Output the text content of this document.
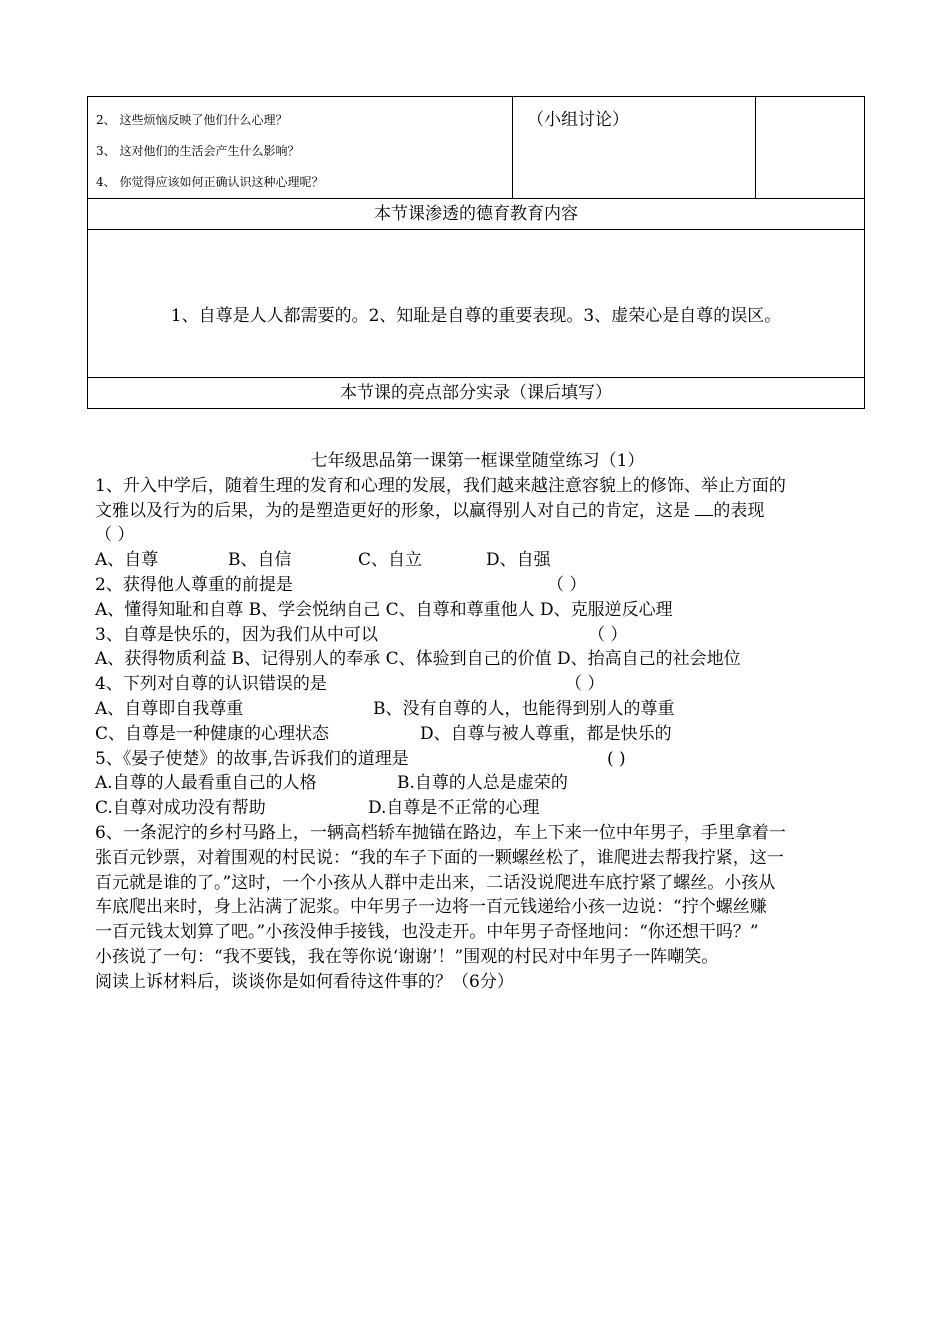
2、 这些烦恼反映了他们什么心理？
3、 这对他们的生活会产生什么影响？
4、 你觉得应该如何正确认识这种心理呢？
	（小组讨论）	
本节课渗透的德育教育内容
1、自尊是人人都需要的。2、知耻是自尊的重要表现。3、虚荣心是自尊的误区。
本节课的亮点部分实录（课后填写）
七年级思品第一课第一框课堂随堂练习（1）
1、升入中学后，随着生理的发育和心理的发展，我们越来越注意容貌上的修饰、举止方面的
文雅以及行为的后果，为的是塑造更好的形象，以赢得别人对自己的肯定，这是 的表现
（ ）
A、自尊	B、自信	C、自立	D、自强
2、获得他人尊重的前提是	（ ）
A、懂得知耻和自尊 B、学会悦纳自己 C、自尊和尊重他人 D、克服逆反心理
3、自尊是快乐的，因为我们从中可以	（ ）
A、获得物质利益 B、记得别人的奉承 C、体验到自己的价值 D、抬高自己的社会地位
4、下列对自尊的认识错误的是	（ ）
A、自尊即自我尊重	B、没有自尊的人，也能得到别人的尊重
C、自尊是一种健康的心理状态	D、自尊与被人尊重，都是快乐的
5、《晏子使楚》的故事,告诉我们的道理是	( )
A.自尊的人最看重自己的人格	B.自尊的人总是虚荣的
C.自尊对成功没有帮助	D.自尊是不正常的心理
6、一条泥泞的乡村马路上，一辆高档轿车抛锚在路边，车上下来一位中年男子，手里拿着一
张百元钞票，对着围观的村民说：“我的车子下面的一颗螺丝松了，谁爬进去帮我拧紧，这一
百元就是谁的了。”这时，一个小孩从人群中走出来，二话没说爬进车底拧紧了螺丝。小孩从
车底爬出来时，身上沾满了泥浆。中年男子一边将一百元钱递给小孩一边说：“拧个螺丝赚
一百元钱太划算了吧。”小孩没伸手接钱，也没走开。中年男子奇怪地问：“你还想干吗？”
小孩说了一句：“我不要钱，我在等你说‘谢谢’！”围观的村民对中年男子一阵嘲笑。
阅读上诉材料后，谈谈你是如何看待这件事的？（6分）
